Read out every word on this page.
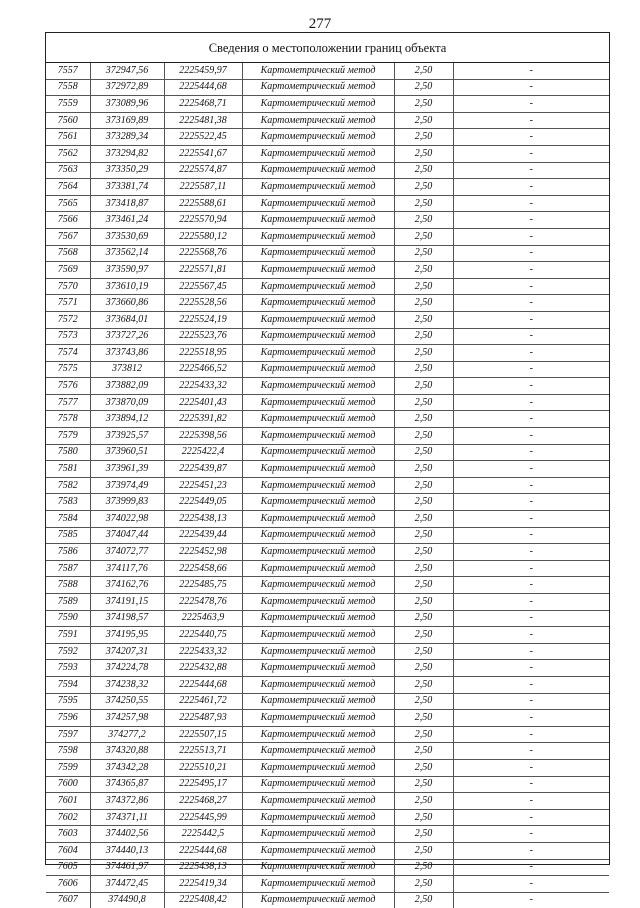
277
Сведения о местоположении границ объекта
7557	372947,56	2225459,97	Картометрический метод	2,50	-
7558	372972,89	2225444,68	Картометрический метод	2,50	-
7559	373089,96	2225468,71	Картометрический метод	2,50	-
7560	373169,89	2225481,38	Картометрический метод	2,50	-
7561	373289,34	2225522,45	Картометрический метод	2,50	-
7562	373294,82	2225541,67	Картометрический метод	2,50	-
7563	373350,29	2225574,87	Картометрический метод	2,50	-
7564	373381,74	2225587,11	Картометрический метод	2,50	-
7565	373418,87	2225588,61	Картометрический метод	2,50	-
7566	373461,24	2225570,94	Картометрический метод	2,50	-
7567	373530,69	2225580,12	Картометрический метод	2,50	-
7568	373562,14	2225568,76	Картометрический метод	2,50	-
7569	373590,97	2225571,81	Картометрический метод	2,50	-
7570	373610,19	2225567,45	Картометрический метод	2,50	-
7571	373660,86	2225528,56	Картометрический метод	2,50	-
7572	373684,01	2225524,19	Картометрический метод	2,50	-
7573	373727,26	2225523,76	Картометрический метод	2,50	-
7574	373743,86	2225518,95	Картометрический метод	2,50	-
7575	373812	2225466,52	Картометрический метод	2,50	-
7576	373882,09	2225433,32	Картометрический метод	2,50	-
7577	373870,09	2225401,43	Картометрический метод	2,50	-
7578	373894,12	2225391,82	Картометрический метод	2,50	-
7579	373925,57	2225398,56	Картометрический метод	2,50	-
7580	373960,51	2225422,4	Картометрический метод	2,50	-
7581	373961,39	2225439,87	Картометрический метод	2,50	-
7582	373974,49	2225451,23	Картометрический метод	2,50	-
7583	373999,83	2225449,05	Картометрический метод	2,50	-
7584	374022,98	2225438,13	Картометрический метод	2,50	-
7585	374047,44	2225439,44	Картометрический метод	2,50	-
7586	374072,77	2225452,98	Картометрический метод	2,50	-
7587	374117,76	2225458,66	Картометрический метод	2,50	-
7588	374162,76	2225485,75	Картометрический метод	2,50	-
7589	374191,15	2225478,76	Картометрический метод	2,50	-
7590	374198,57	2225463,9	Картометрический метод	2,50	-
7591	374195,95	2225440,75	Картометрический метод	2,50	-
7592	374207,31	2225433,32	Картометрический метод	2,50	-
7593	374224,78	2225432,88	Картометрический метод	2,50	-
7594	374238,32	2225444,68	Картометрический метод	2,50	-
7595	374250,55	2225461,72	Картометрический метод	2,50	-
7596	374257,98	2225487,93	Картометрический метод	2,50	-
7597	374277,2	2225507,15	Картометрический метод	2,50	-
7598	374320,88	2225513,71	Картометрический метод	2,50	-
7599	374342,28	2225510,21	Картометрический метод	2,50	-
7600	374365,87	2225495,17	Картометрический метод	2,50	-
7601	374372,86	2225468,27	Картометрический метод	2,50	-
7602	374371,11	2225445,99	Картометрический метод	2,50	-
7603	374402,56	2225442,5	Картометрический метод	2,50	-
7604	374440,13	2225444,68	Картометрический метод	2,50	-
7605	374461,97	2225438,13	Картометрический метод	2,50	-
7606	374472,45	2225419,34	Картометрический метод	2,50	-
7607	374490,8	2225408,42	Картометрический метод	2,50	-
